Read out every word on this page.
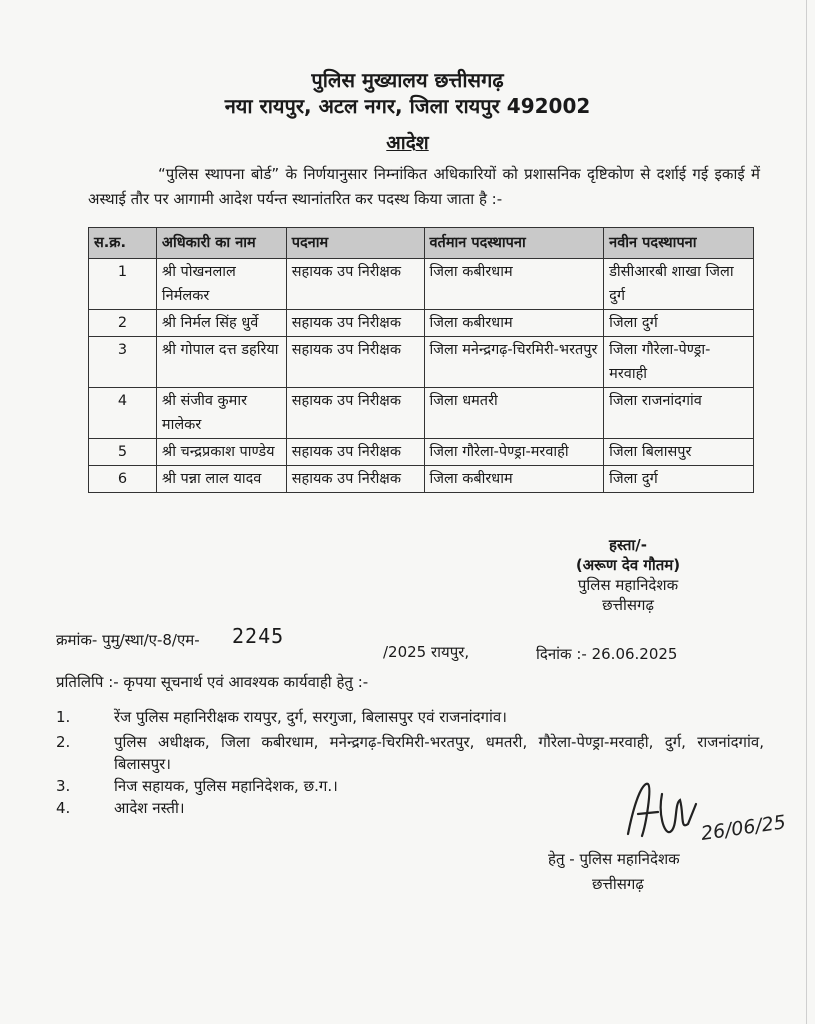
पुलिस मुख्यालय छत्तीसगढ़
नया रायपुर, अटल नगर, जिला रायपुर 492002
आदेश
“पुलिस स्थापना बोर्ड” के निर्णयानुसार निम्नांकित अधिकारियों को प्रशासनिक दृष्टिकोण से दर्शाई गई इकाई में अस्थाई तौर पर आगामी आदेश पर्यन्त स्थानांतरित कर पदस्थ किया जाता है :-
स.क्र.	अधिकारी का नाम	पदनाम	वर्तमान पदस्थापना	नवीन पदस्थापना
1	श्री पोखनलाल निर्मलकर	सहायक उप निरीक्षक	जिला कबीरधाम	डीसीआरबी शाखा जिला दुर्ग
2	श्री निर्मल सिंह धुर्वे	सहायक उप निरीक्षक	जिला कबीरधाम	जिला दुर्ग
3	श्री गोपाल दत्त डहरिया	सहायक उप निरीक्षक	जिला मनेन्द्रगढ़-चिरमिरी-भरतपुर	जिला गौरेला-पेण्ड्रा-मरवाही
4	श्री संजीव कुमार मालेकर	सहायक उप निरीक्षक	जिला धमतरी	जिला राजनांदगांव
5	श्री चन्द्रप्रकाश पाण्डेय	सहायक उप निरीक्षक	जिला गौरेला-पेण्ड्रा-मरवाही	जिला बिलासपुर
6	श्री पन्ना लाल यादव	सहायक उप निरीक्षक	जिला कबीरधाम	जिला दुर्ग
हस्ता/-
(अरूण देव गौतम)
पुलिस महानिदेशक
छत्तीसगढ़
क्रमांक- पुमु/स्था/ए-8/एम- 2245
/2025 रायपुर,	दिनांक :- 26.06.2025
प्रतिलिपि :- कृपया सूचनार्थ एवं आवश्यक कार्यवाही हेतु :-
1.	रेंज पुलिस महानिरीक्षक रायपुर, दुर्ग, सरगुजा, बिलासपुर एवं राजनांदगांव।
2.	पुलिस अधीक्षक, जिला कबीरधाम, मनेन्द्रगढ़-चिरमिरी-भरतपुर, धमतरी, गौरेला-पेण्ड्रा-मरवाही, दुर्ग, राजनांदगांव, बिलासपुर।
3.	निज सहायक, पुलिस महानिदेशक, छ.ग.।
4.	आदेश नस्ती।
26/06/25
हेतु - पुलिस महानिदेशक
छत्तीसगढ़
